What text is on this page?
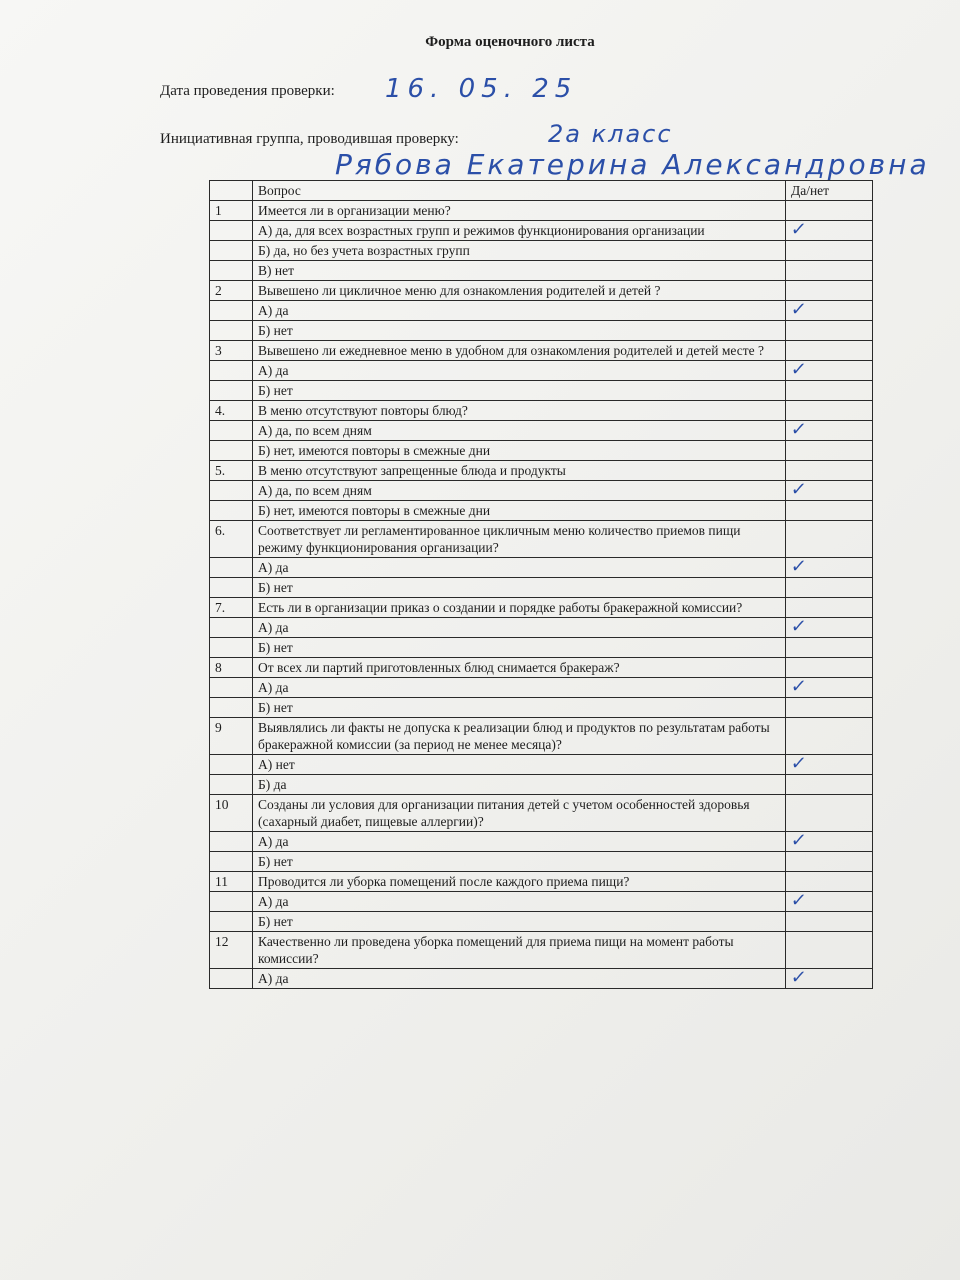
Форма оценочного листа
Дата проведения проверки: 16. 05. 25
Инициативная группа, проводившая проверку:	2а класс
Рябова Екатерина Александровна
	Вопрос	Да/нет
1	Имеется ли в организации меню?	
	А) да, для всех возрастных групп и режимов функционирования организации	✓
	Б) да, но без учета возрастных групп	
	В) нет	
2	Вывешено ли цикличное меню для ознакомления родителей и детей ?	
	А) да	✓
	Б) нет	
3	Вывешено ли ежедневное меню в удобном для ознакомления родителей и детей месте ?	
	А) да	✓
	Б) нет	
4.	В меню отсутствуют повторы блюд?	
	А) да, по всем дням	✓
	Б) нет, имеются повторы в смежные дни	
5.	В меню отсутствуют запрещенные блюда и продукты	
	А) да, по всем дням	✓
	Б) нет, имеются повторы в смежные дни	
6.	Соответствует ли регламентированное цикличным меню количество приемов пищи режиму функционирования организации?	
	А) да	✓
	Б) нет	
7.	Есть ли в организации приказ о создании и порядке работы бракеражной комиссии?	
	А) да	✓
	Б) нет	
8	От всех ли партий приготовленных блюд снимается бракераж?	
	А) да	✓
	Б) нет	
9	Выявлялись ли факты не допуска к реализации блюд и продуктов по результатам работы бракеражной комиссии (за период не менее месяца)?	
	А) нет	✓
	Б) да	
10	Созданы ли условия для организации питания детей с учетом особенностей здоровья (сахарный диабет, пищевые аллергии)?	
	А) да	✓
	Б) нет	
11	Проводится ли уборка помещений после каждого приема пищи?	
	А) да	✓
	Б) нет	
12	Качественно ли проведена уборка помещений для приема пищи на момент работы комиссии?	
	А) да	✓
